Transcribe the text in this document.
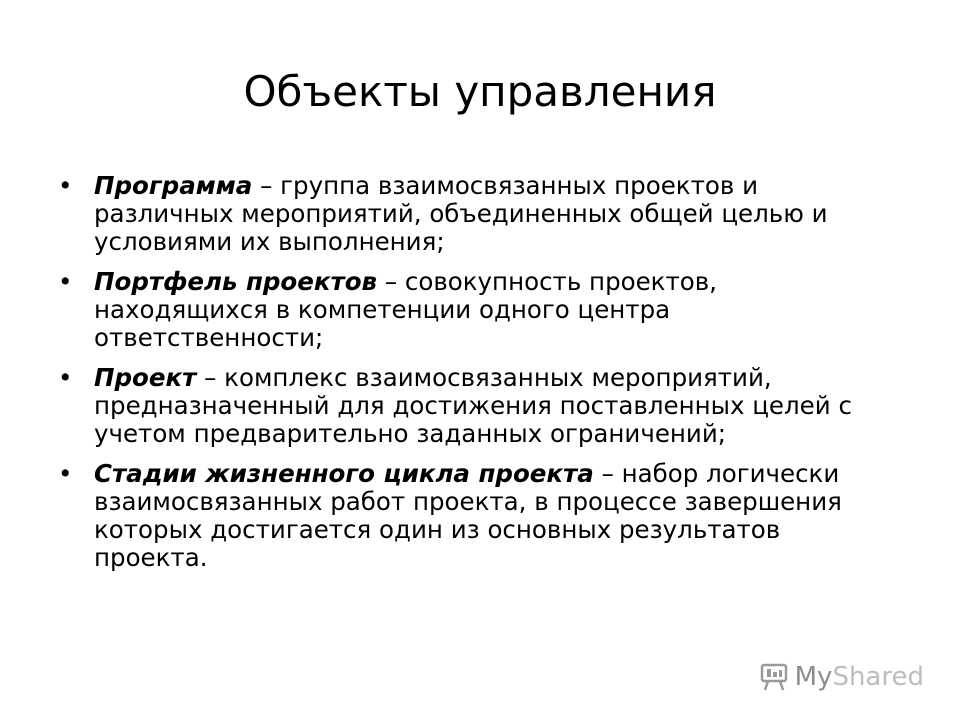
Объекты управления
• Программа – группа взаимосвязанных проектов и различных мероприятий, объединенных общей целью и условиями их выполнения;
• Портфель проектов – совокупность проектов, находящихся в компетенции одного центра ответственности;
• Проект – комплекс взаимосвязанных мероприятий, предназначенный для достижения поставленных целей с учетом предварительно заданных ограничений;
• Стадии жизненного цикла проекта – набор логически взаимосвязанных работ проекта, в процессе завершения которых достигается один из основных результатов проекта.
MyShared
